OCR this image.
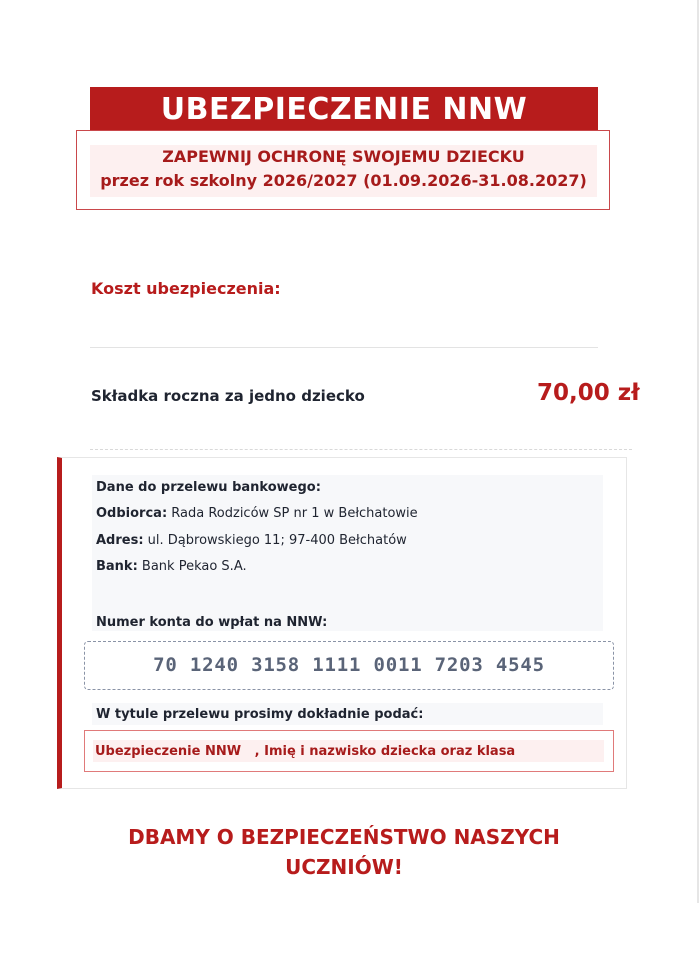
UBEZPIECZENIE NNW
ZAPEWNIJ OCHRONĘ SWOJEMU DZIECKU
przez rok szkolny 2026/2027 (01.09.2026-31.08.2027)
Koszt ubezpieczenia:
Składka roczna za jedno dziecko	70,00 zł
Dane do przelewu bankowego:
Odbiorca: Rada Rodziców SP nr 1 w Bełchatowie
Adres: ul. Dąbrowskiego 11; 97-400 Bełchatów
Bank: Bank Pekao S.A.
Numer konta do wpłat na NNW:
70 1240 3158 1111 0011 7203 4545
W tytule przelewu prosimy dokładnie podać:
Ubezpieczenie NNW   , Imię i nazwisko dziecka oraz klasa
DBAMY O BEZPIECZEŃSTWO NASZYCH
UCZNIÓW!
